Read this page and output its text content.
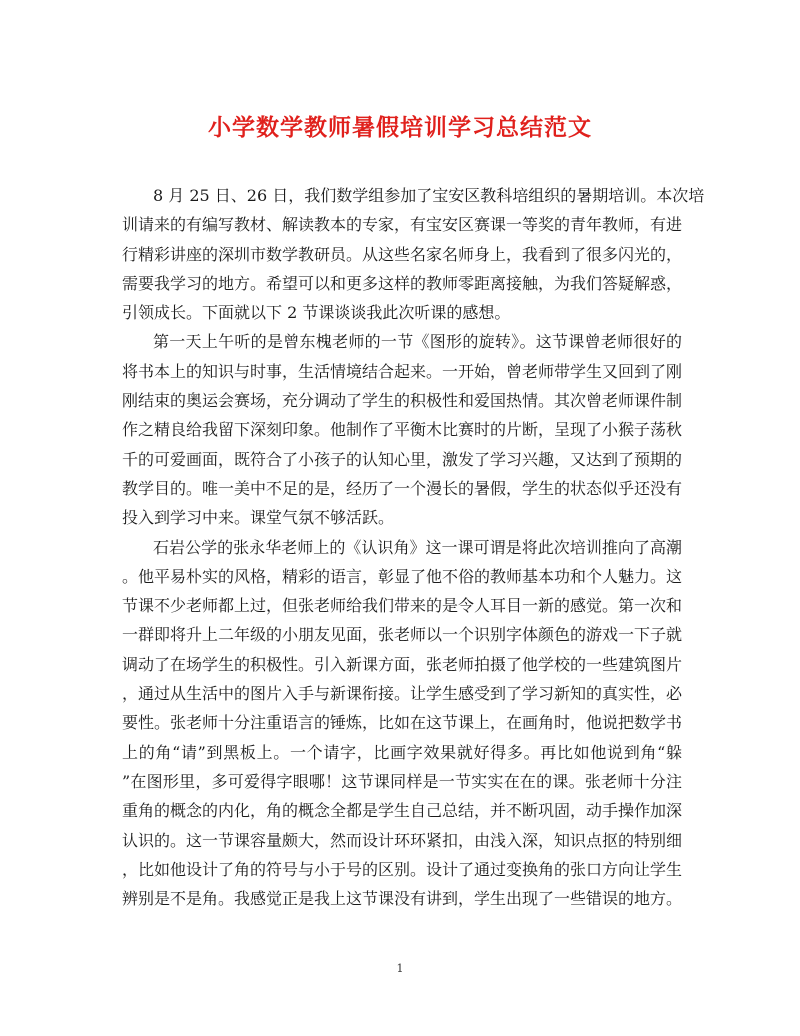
小学数学教师暑假培训学习总结范文
8 月 25 日、26 日，我们数学组参加了宝安区教科培组织的暑期培训。本次培
训请来的有编写教材、解读教本的专家，有宝安区赛课一等奖的青年教师，有进
行精彩讲座的深圳市数学教研员。从这些名家名师身上，我看到了很多闪光的，
需要我学习的地方。希望可以和更多这样的教师零距离接触，为我们答疑解惑，
引领成长。下面就以下 2 节课谈谈我此次听课的感想。
第一天上午听的是曾东槐老师的一节《图形的旋转》。这节课曾老师很好的
将书本上的知识与时事，生活情境结合起来。一开始，曾老师带学生又回到了刚
刚结束的奥运会赛场，充分调动了学生的积极性和爱国热情。其次曾老师课件制
作之精良给我留下深刻印象。他制作了平衡木比赛时的片断，呈现了小猴子荡秋
千的可爱画面，既符合了小孩子的认知心里，激发了学习兴趣，又达到了预期的
教学目的。唯一美中不足的是，经历了一个漫长的暑假，学生的状态似乎还没有
投入到学习中来。课堂气氛不够活跃。
石岩公学的张永华老师上的《认识角》这一课可谓是将此次培训推向了高潮
。他平易朴实的风格，精彩的语言，彰显了他不俗的教师基本功和个人魅力。这
节课不少老师都上过，但张老师给我们带来的是令人耳目一新的感觉。第一次和
一群即将升上二年级的小朋友见面，张老师以一个识别字体颜色的游戏一下子就
调动了在场学生的积极性。引入新课方面，张老师拍摄了他学校的一些建筑图片
，通过从生活中的图片入手与新课衔接。让学生感受到了学习新知的真实性，必
要性。张老师十分注重语言的锤炼，比如在这节课上，在画角时，他说把数学书
上的角“请”到黑板上。一个请字，比画字效果就好得多。再比如他说到角“躲
”在图形里，多可爱得字眼哪！这节课同样是一节实实在在的课。张老师十分注
重角的概念的内化，角的概念全都是学生自己总结，并不断巩固，动手操作加深
认识的。这一节课容量颇大，然而设计环环紧扣，由浅入深，知识点抠的特别细
，比如他设计了角的符号与小于号的区别。设计了通过变换角的张口方向让学生
辨别是不是角。我感觉正是我上这节课没有讲到，学生出现了一些错误的地方。
1
